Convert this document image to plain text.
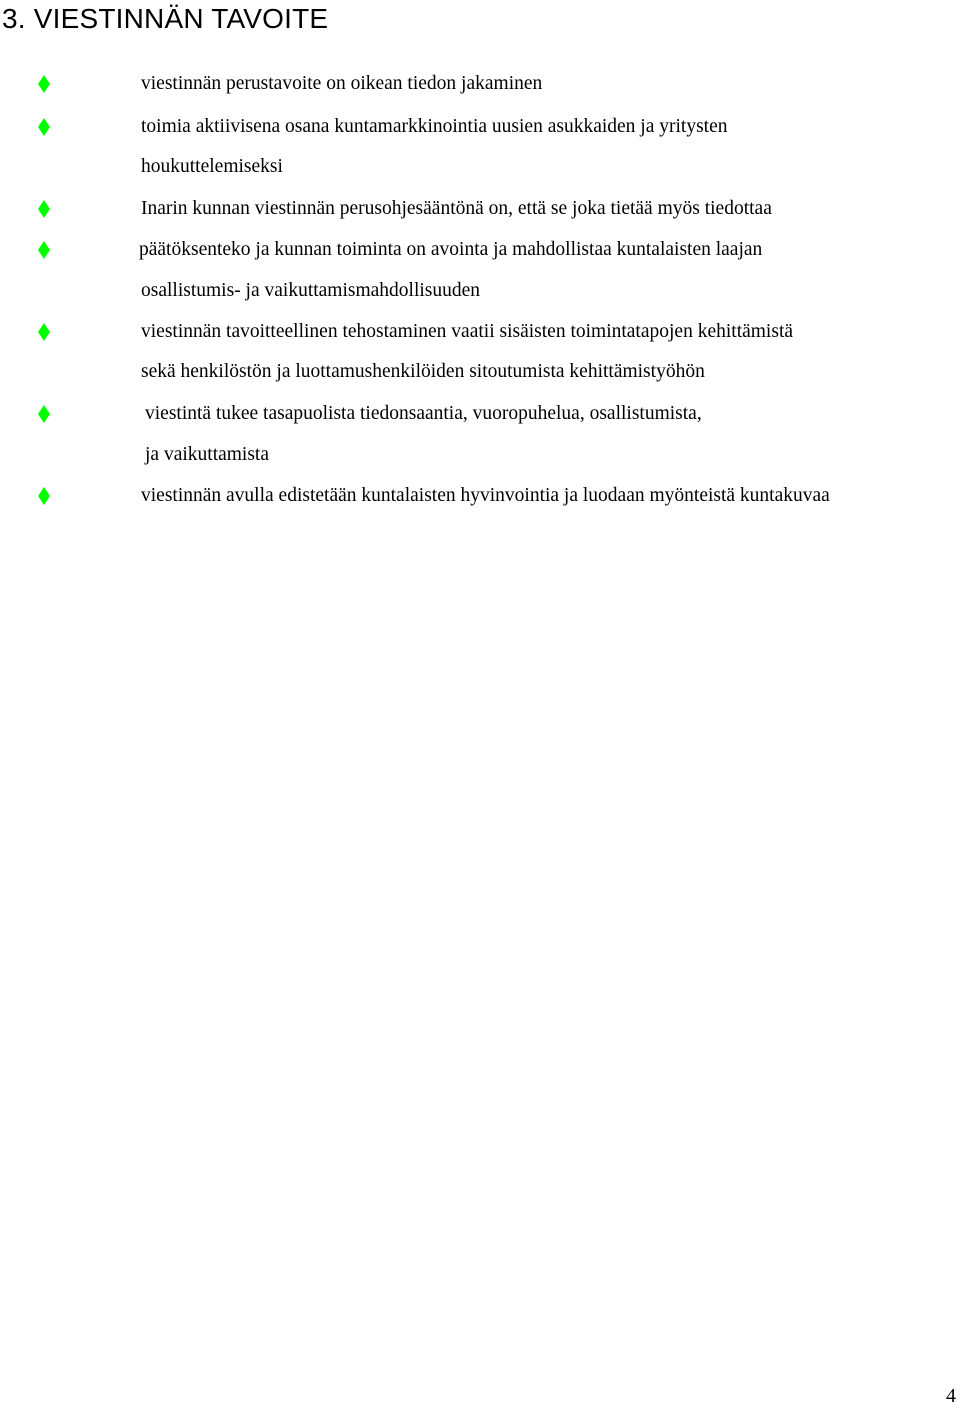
3. VIESTINNÄN TAVOITE
viestinnän perustavoite on oikean tiedon jakaminen
toimia aktiivisena osana kuntamarkkinointia uusien asukkaiden ja yritysten
houkuttelemiseksi
Inarin kunnan viestinnän perusohjesääntönä on, että se joka tietää myös tiedottaa
päätöksenteko ja kunnan toiminta on avointa ja mahdollistaa kuntalaisten laajan
osallistumis- ja vaikuttamismahdollisuuden
viestinnän tavoitteellinen tehostaminen vaatii sisäisten toimintatapojen kehittämistä
sekä henkilöstön ja luottamushenkilöiden sitoutumista kehittämistyöhön
viestintä tukee tasapuolista tiedonsaantia, vuoropuhelua, osallistumista,
ja vaikuttamista
viestinnän avulla edistetään kuntalaisten hyvinvointia ja luodaan myönteistä kuntakuvaa
4
